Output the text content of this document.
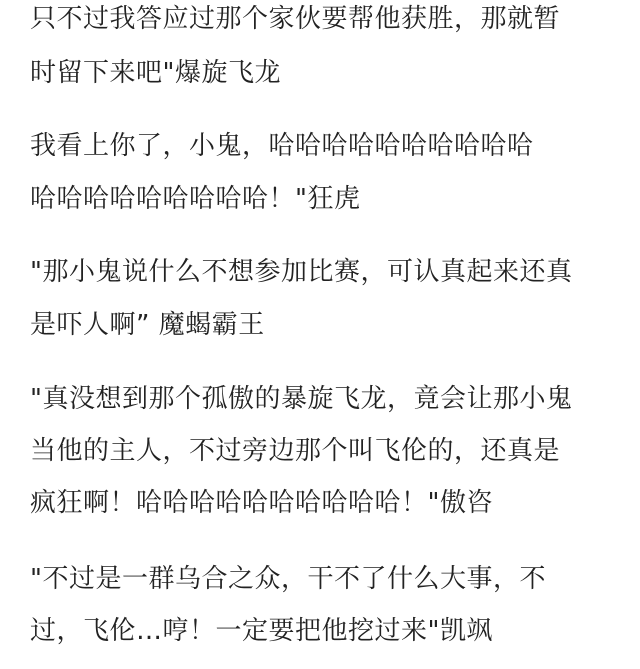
只不过我答应过那个家伙要帮他获胜，那就暂
时留下来吧"爆旋飞龙
我看上你了，小鬼，哈哈哈哈哈哈哈哈哈哈
哈哈哈哈哈哈哈哈哈！"狂虎
"那小鬼说什么不想参加比赛，可认真起来还真
是吓人啊” 魔蝎霸王
"真没想到那个孤傲的暴旋飞龙，竟会让那小鬼
当他的主人，不过旁边那个叫飞伦的，还真是
疯狂啊！哈哈哈哈哈哈哈哈哈哈！"傲咨
"不过是一群乌合之众，干不了什么大事，不
过，飞伦…哼！一定要把他挖过来"凯飒
